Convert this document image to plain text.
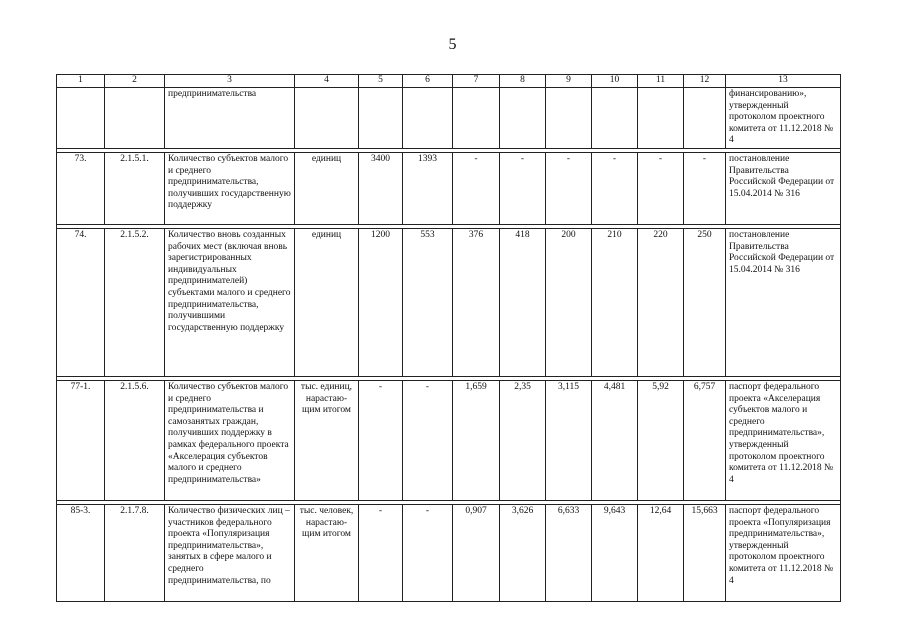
5
1	2	3	4	5	6	7	8	9	10	11	12	13
		предпринимательства										финансированию», утвержденный протоколом проектного комитета от 11.12.2018 № 4

73.	2.1.5.1.	Количество субъектов малого и среднего предпринимательства, получивших государственную поддержку	единиц	3400	1393	-	-	-	-	-	-	постановление Правительства Российской Федерации от 15.04.2014 № 316

74.	2.1.5.2.	Количество вновь созданных рабочих мест (включая вновь зарегистрированных индивидуальных предпринимателей) субъектами малого и среднего предпринимательства, получившими государственную поддержку	единиц	1200	553	376	418	200	210	220	250	постановление Правительства Российской Федерации от 15.04.2014 № 316

77-1.	2.1.5.6.	Количество субъектов малого и среднего предпринимательства и самозанятых граждан, получивших поддержку в рамках федерального проекта «Акселерация субъектов малого и среднего предпринимательства»	тыс. единиц, нарастаю-щим итогом	-	-	1,659	2,35	3,115	4,481	5,92	6,757	паспорт федерального проекта «Акселерация субъектов малого и среднего предпринимательства», утвержденный протоколом проектного комитета от 11.12.2018 № 4

85-3.	2.1.7.8.	Количество физических лиц – участников федерального проекта «Популяризация предпринимательства», занятых в сфере малого и среднего предпринимательства, по	тыс. человек, нарастаю-щим итогом	-	-	0,907	3,626	6,633	9,643	12,64	15,663	паспорт федерального проекта «Популяризация предпринимательства», утвержденный протоколом проектного комитета от 11.12.2018 № 4
